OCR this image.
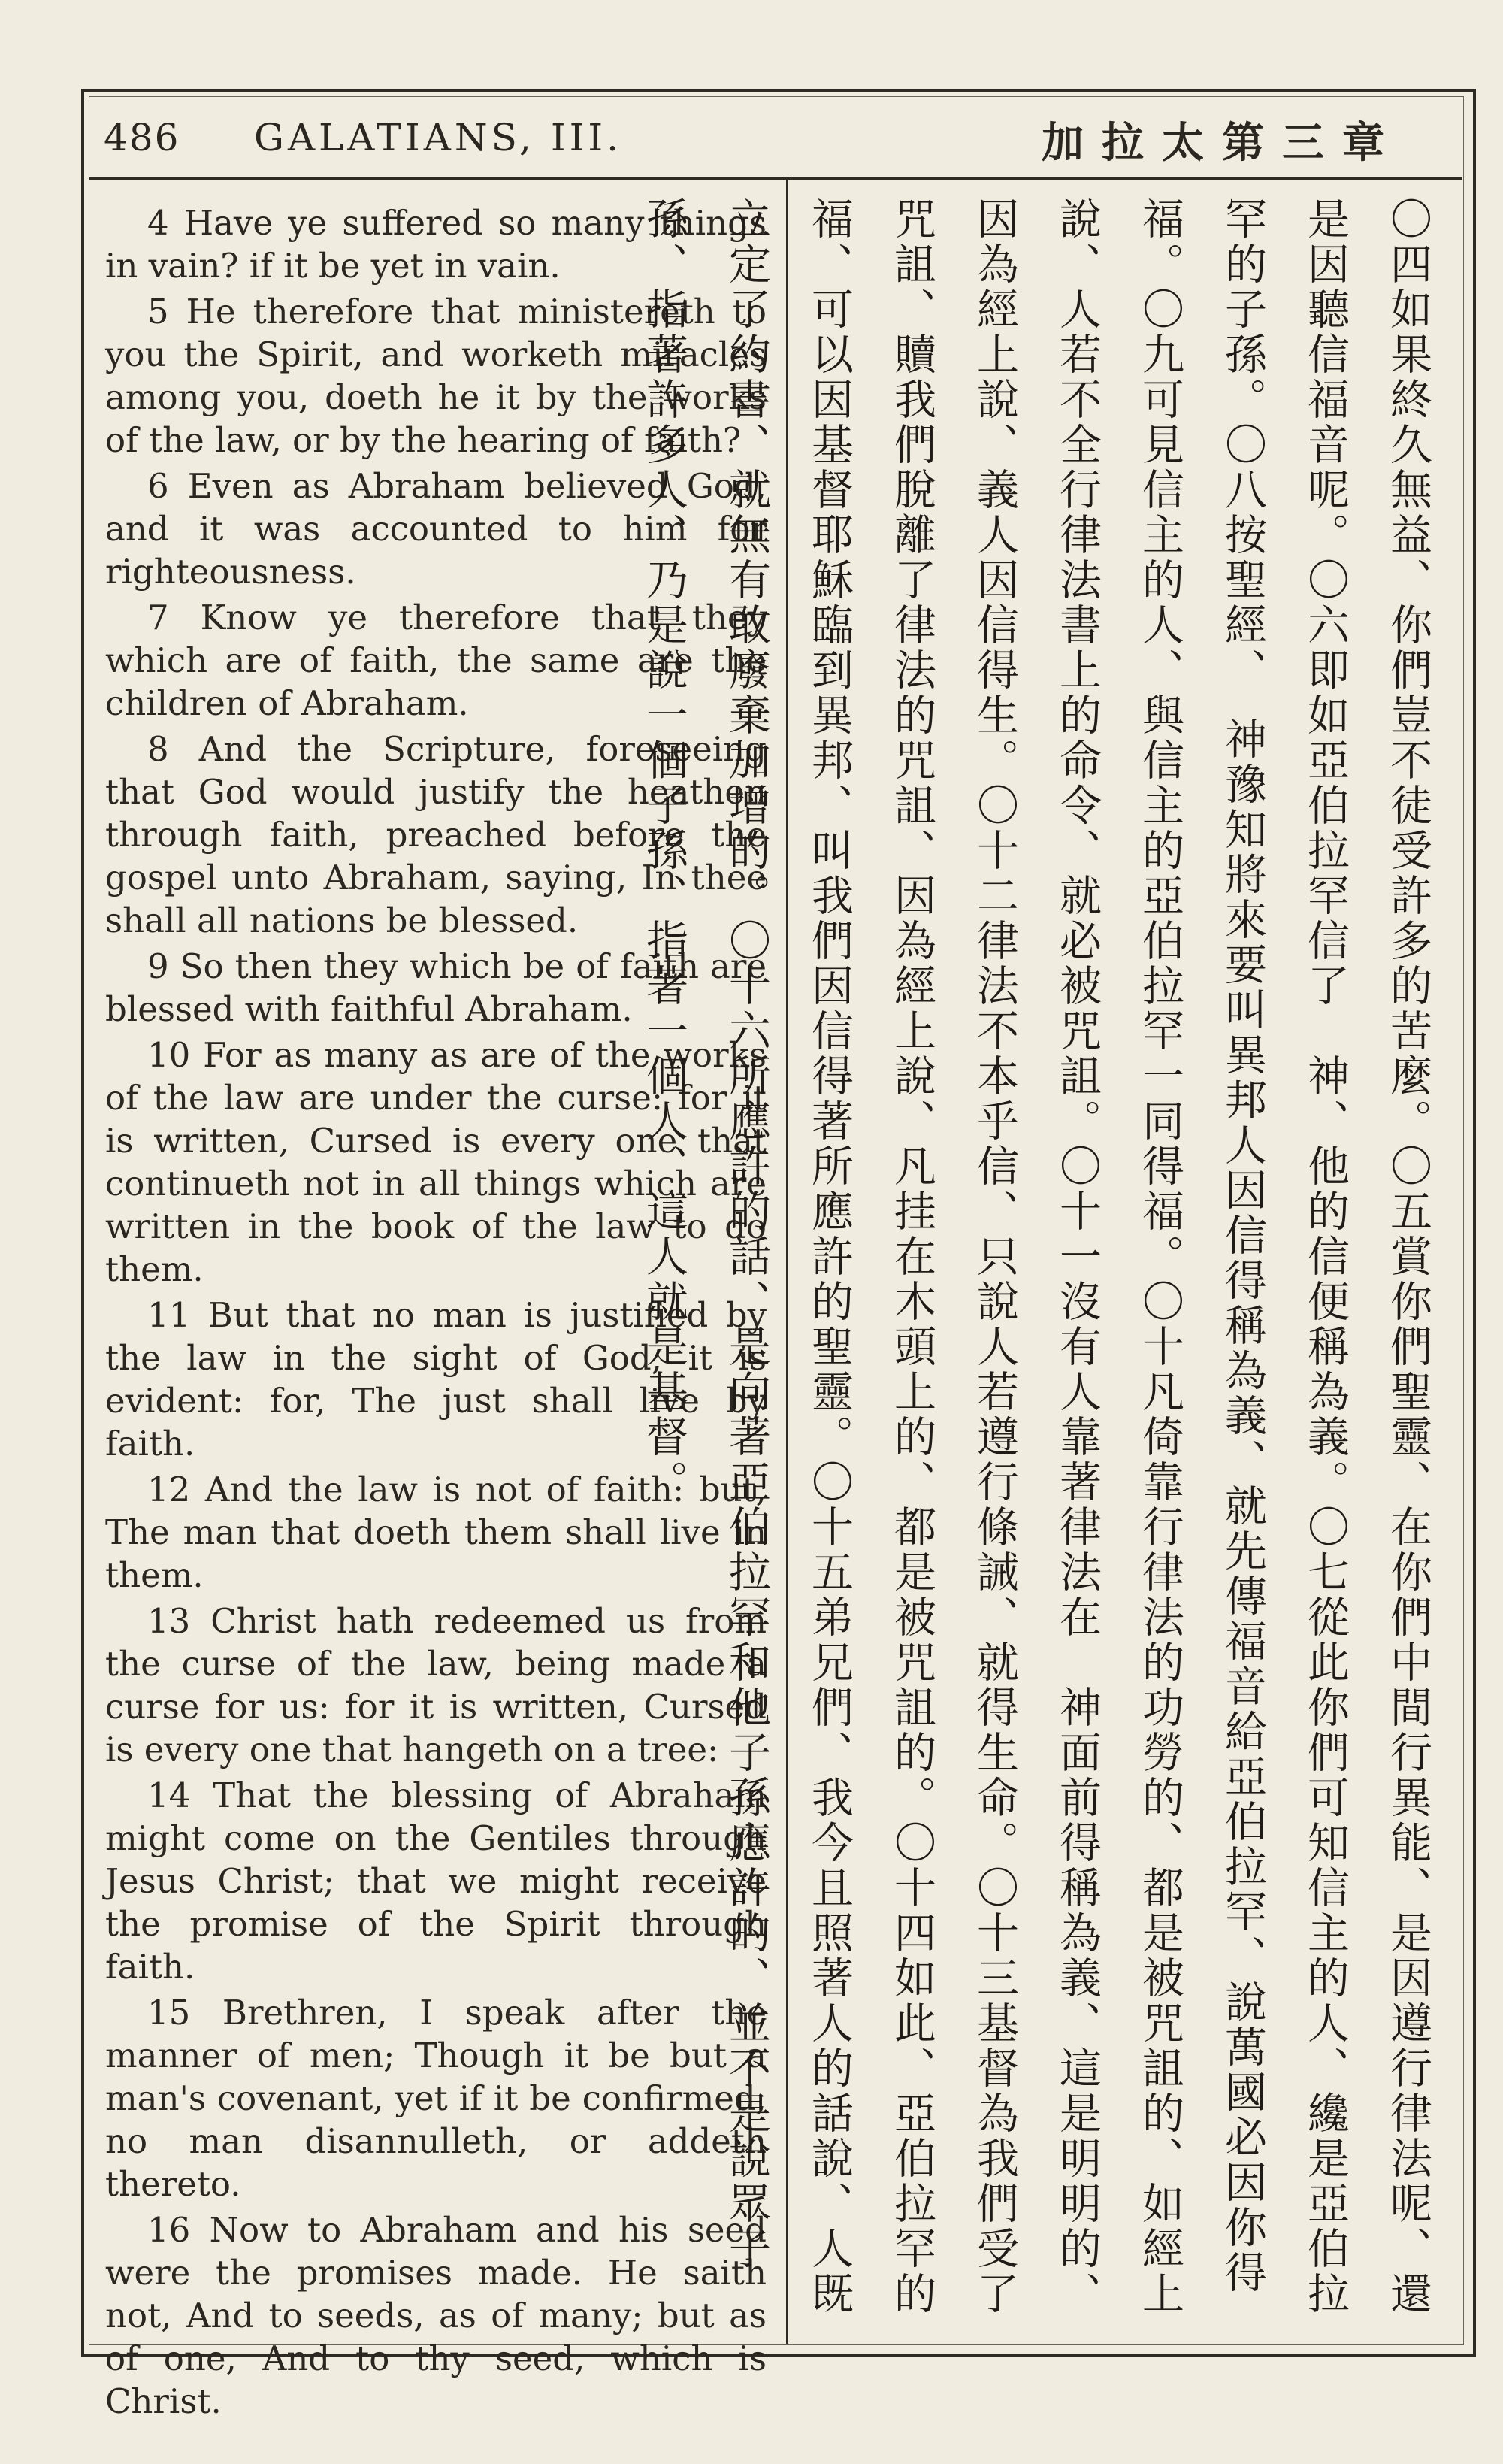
486 GALATIANS, III.	加拉太第三章

4 Have ye suffered so many things in vain? if it be yet in vain.

5 He therefore that ministereth to you the Spirit, and worketh miracles among you, doeth he it by the works of the law, or by the hearing of faith?

6 Even as Abraham believed God, and it was accounted to him for righteousness.

7 Know ye therefore that they which are of faith, the same are the children of Abraham.

8 And the Scripture, foreseeing that God would justify the heathen through faith, preached before the gospel unto Abraham, saying, In thee shall all nations be blessed.

9 So then they which be of faith are blessed with faithful Abraham.

10 For as many as are of the works of the law are under the curse: for it is written, Cursed is every one that continueth not in all things which are written in the book of the law to do them.

11 But that no man is justified by the law in the sight of God, it is evident: for, The just shall live by faith.

12 And the law is not of faith: but, The man that doeth them shall live in them.

13 Christ hath redeemed us from the curse of the law, being made a curse for us: for it is written, Cursed is every one that hangeth on a tree:

14 That the blessing of Abraham might come on the Gentiles through Jesus Christ; that we might receive the promise of the Spirit through faith.

15 Brethren, I speak after the manner of men; Though it be but a man's covenant, yet if it be confirmed, no man disannulleth, or addeth thereto.

16 Now to Abraham and his seed were the promises made. He saith not, And to seeds, as of many; but as of one, And to thy seed, which is Christ.

〇四如果終久無益、你們豈不徒受許多的苦麼。〇五賞你們聖靈、在你們中間行異能、是因遵行律法呢、還是因聽信福音呢。〇六即如亞伯拉罕信了　神、他的信便稱為義。〇七從此你們可知信主的人、纔是亞伯拉罕的子孫。〇八按聖經、　神豫知將來要叫異邦人因信得稱為義、就先傳福音給亞伯拉罕、說萬國必因你得福。〇九可見信主的人、與信主的亞伯拉罕一同得福。〇十凡倚靠行律法的功勞的、都是被咒詛的、如經上說、人若不全行律法書上的命令、就必被咒詛。〇十一沒有人靠著律法在　神面前得稱為義、這是明明的、因為經上說、義人因信得生。〇十二律法不本乎信、只說人若遵行條誡、就得生命。〇十三基督為我們受了咒詛、贖我們脫離了律法的咒詛、因為經上說、凡挂在木頭上的、都是被咒詛的。〇十四如此、亞伯拉罕的福、可以因基督耶穌臨到異邦、叫我們因信得著所應許的聖靈。〇十五弟兄們、我今且照著人的話說、人既立定了約書、就無有敢廢棄加增的。〇十六所應許的話、是向著亞伯拉罕和他子孫應許的、並不是說眾子孫、指著許多人、乃是說一個子孫、指著一個人、這人就是基督。
